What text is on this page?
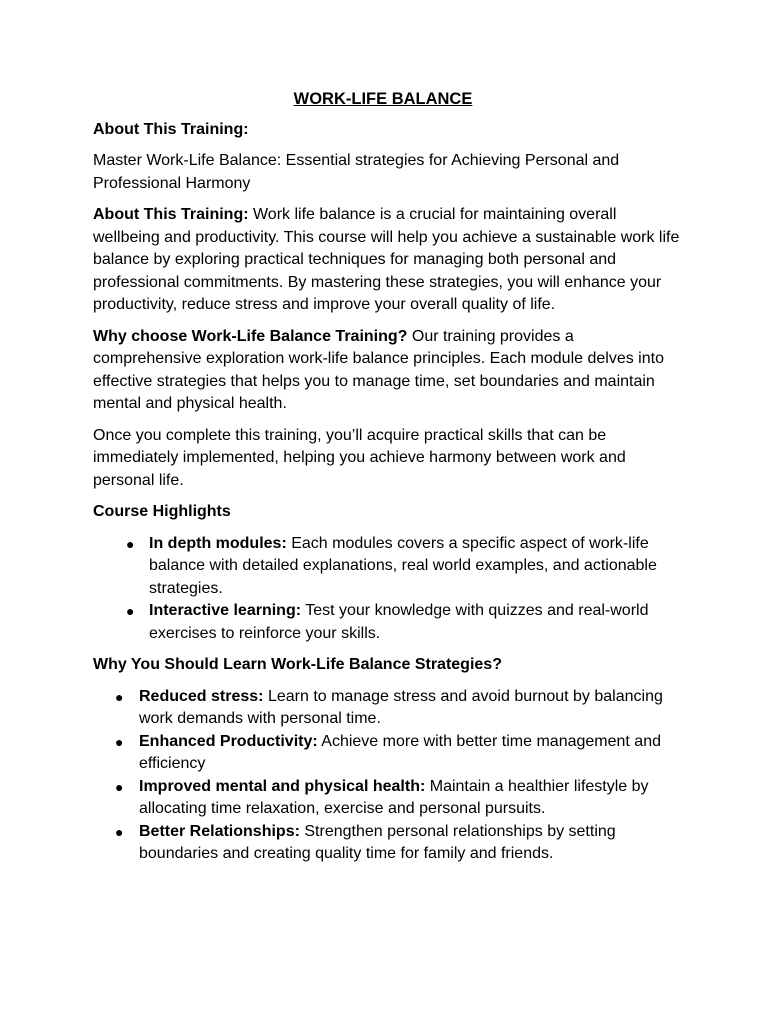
WORK-LIFE BALANCE

About This Training:

Master Work-Life Balance: Essential strategies for Achieving Personal and Professional Harmony

About This Training: Work life balance is a crucial for maintaining overall wellbeing and productivity. This course will help you achieve a sustainable work life balance by exploring practical techniques for managing both personal and professional commitments. By mastering these strategies, you will enhance your productivity, reduce stress and improve your overall quality of life.

Why choose Work-Life Balance Training? Our training provides a comprehensive exploration work-life balance principles. Each module delves into effective strategies that helps you to manage time, set boundaries and maintain mental and physical health.

Once you complete this training, you’ll acquire practical skills that can be immediately implemented, helping you achieve harmony between work and personal life.

Course Highlights

● In depth modules: Each modules covers a specific aspect of work-life balance with detailed explanations, real world examples, and actionable strategies.
● Interactive learning: Test your knowledge with quizzes and real-world exercises to reinforce your skills.

Why You Should Learn Work-Life Balance Strategies?

● Reduced stress: Learn to manage stress and avoid burnout by balancing work demands with personal time.
● Enhanced Productivity: Achieve more with better time management and efficiency
● Improved mental and physical health: Maintain a healthier lifestyle by allocating time relaxation, exercise and personal pursuits.
● Better Relationships: Strengthen personal relationships by setting boundaries and creating quality time for family and friends.
